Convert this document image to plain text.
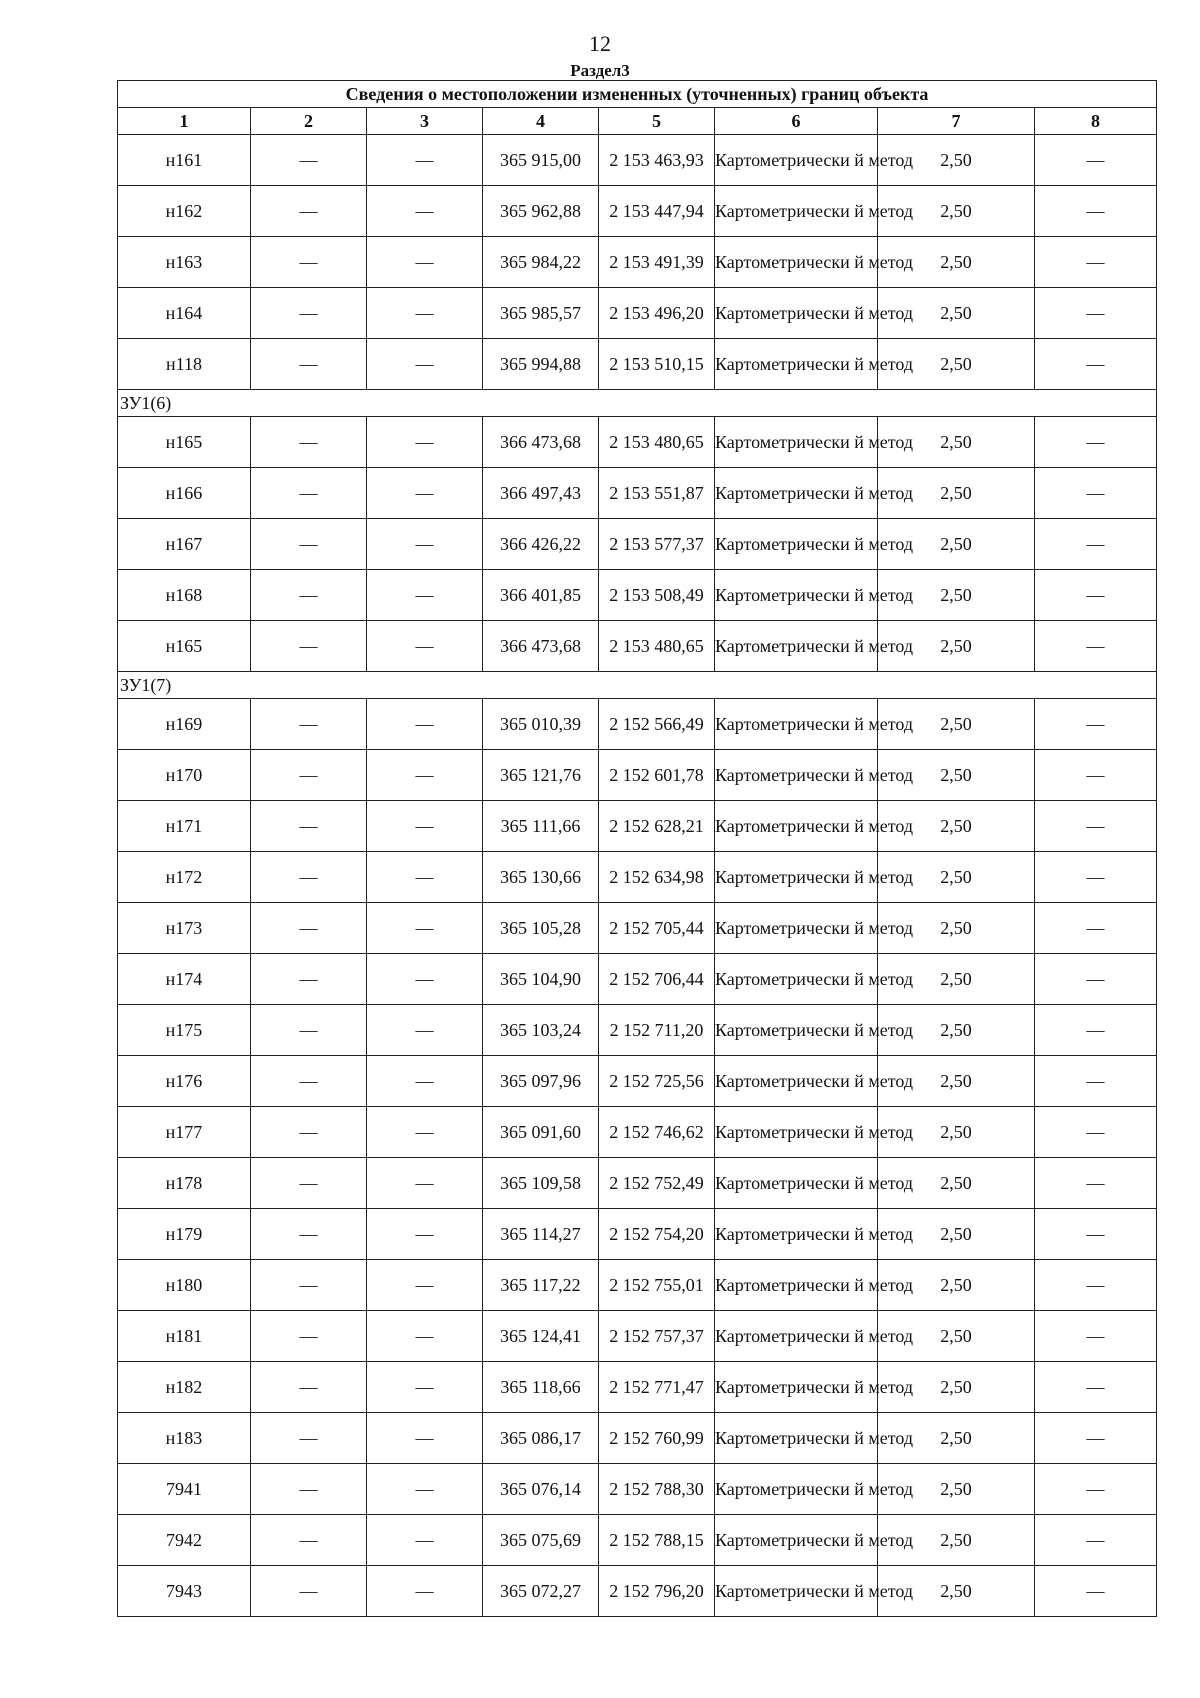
12
Раздел3
Сведения о местоположении измененных (уточненных) границ объекта							
1	2	3	4	5	6	7	8
н161	—	—	365 915,00	2 153 463,93	Картометрически й метод	2,50	—
н162	—	—	365 962,88	2 153 447,94	Картометрически й метод	2,50	—
н163	—	—	365 984,22	2 153 491,39	Картометрически й метод	2,50	—
н164	—	—	365 985,57	2 153 496,20	Картометрически й метод	2,50	—
н118	—	—	365 994,88	2 153 510,15	Картометрически й метод	2,50	—
ЗУ1(6)							
н165	—	—	366 473,68	2 153 480,65	Картометрически й метод	2,50	—
н166	—	—	366 497,43	2 153 551,87	Картометрически й метод	2,50	—
н167	—	—	366 426,22	2 153 577,37	Картометрически й метод	2,50	—
н168	—	—	366 401,85	2 153 508,49	Картометрически й метод	2,50	—
н165	—	—	366 473,68	2 153 480,65	Картометрически й метод	2,50	—
ЗУ1(7)							
н169	—	—	365 010,39	2 152 566,49	Картометрически й метод	2,50	—
н170	—	—	365 121,76	2 152 601,78	Картометрически й метод	2,50	—
н171	—	—	365 111,66	2 152 628,21	Картометрически й метод	2,50	—
н172	—	—	365 130,66	2 152 634,98	Картометрически й метод	2,50	—
н173	—	—	365 105,28	2 152 705,44	Картометрически й метод	2,50	—
н174	—	—	365 104,90	2 152 706,44	Картометрически й метод	2,50	—
н175	—	—	365 103,24	2 152 711,20	Картометрически й метод	2,50	—
н176	—	—	365 097,96	2 152 725,56	Картометрически й метод	2,50	—
н177	—	—	365 091,60	2 152 746,62	Картометрически й метод	2,50	—
н178	—	—	365 109,58	2 152 752,49	Картометрически й метод	2,50	—
н179	—	—	365 114,27	2 152 754,20	Картометрически й метод	2,50	—
н180	—	—	365 117,22	2 152 755,01	Картометрически й метод	2,50	—
н181	—	—	365 124,41	2 152 757,37	Картометрически й метод	2,50	—
н182	—	—	365 118,66	2 152 771,47	Картометрически й метод	2,50	—
н183	—	—	365 086,17	2 152 760,99	Картометрически й метод	2,50	—
7941	—	—	365 076,14	2 152 788,30	Картометрически й метод	2,50	—
7942	—	—	365 075,69	2 152 788,15	Картометрически й метод	2,50	—
7943	—	—	365 072,27	2 152 796,20	Картометрически й метод	2,50	—
